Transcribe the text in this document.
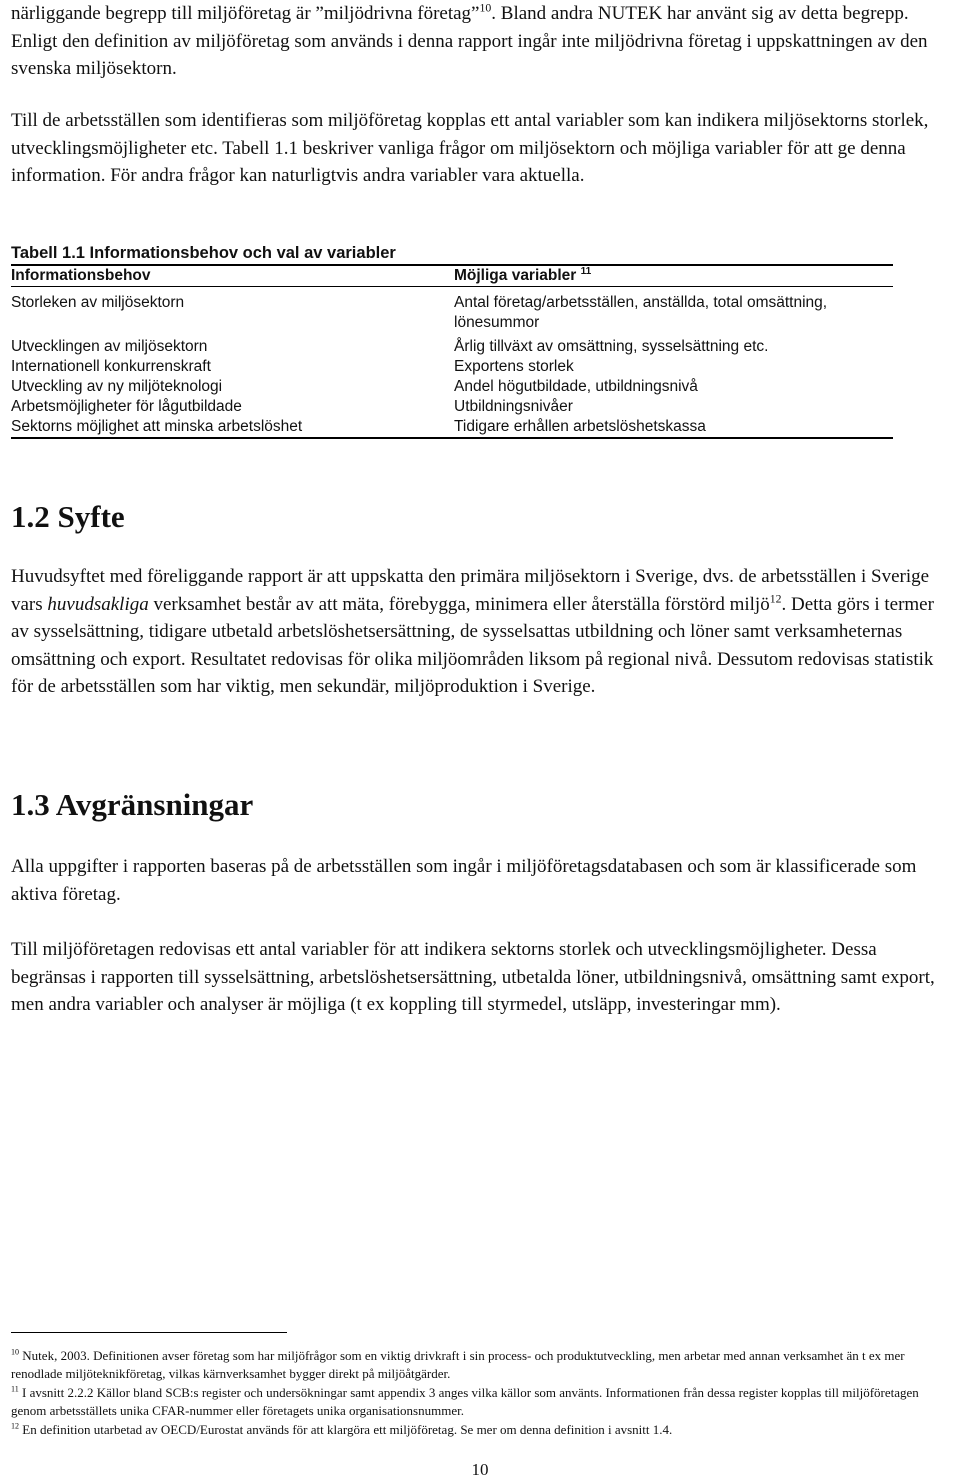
närliggande begrepp till miljöföretag är ”miljödrivna företag”$^{10}$. Bland andra NUTEK har använt sig av detta begrepp. Enligt den definition av miljöföretag som används i denna rapport ingår inte miljödrivna företag i uppskattningen av den svenska miljösektorn.

Till de arbetsställen som identifieras som miljöföretag kopplas ett antal variabler som kan indikera miljösektorns storlek, utvecklingsmöjligheter etc. Tabell 1.1 beskriver vanliga frågor om miljösektorn och möjliga variabler för att ge denna information. För andra frågor kan naturligtvis andra variabler vara aktuella.

Tabell 1.1 Informationsbehov och val av variabler

Informationsbehov	Möjliga variabler $^{11}$
Storleken av miljösektorn	Antal företag/arbetsställen, anställda, total omsättning, lönesummor
Utvecklingen av miljösektorn	Årlig tillväxt av omsättning, sysselsättning etc.
Internationell konkurrenskraft	Exportens storlek
Utveckling av ny miljöteknologi	Andel högutbildade, utbildningsnivå
Arbetsmöjligheter för lågutbildade	Utbildningsnivåer
Sektorns möjlighet att minska arbetslöshet	Tidigare erhållen arbetslöshetskassa
1.2 Syfte

Huvudsyftet med föreliggande rapport är att uppskatta den primära miljösektorn i Sverige, dvs. de arbetsställen i Sverige vars huvudsakliga verksamhet består av att mäta, förebygga, minimera eller återställa förstörd miljö$^{12}$. Detta görs i termer av sysselsättning, tidigare utbetald arbetslöshetsersättning, de sysselsattas utbildning och löner samt verksamheternas omsättning och export. Resultatet redovisas för olika miljöområden liksom på regional nivå. Dessutom redovisas statistik för de arbetsställen som har viktig, men sekundär, miljöproduktion i Sverige.

1.3 Avgränsningar

Alla uppgifter i rapporten baseras på de arbetsställen som ingår i miljöföretagsdatabasen och som är klassificerade som aktiva företag.

Till miljöföretagen redovisas ett antal variabler för att indikera sektorns storlek och utvecklingsmöjligheter. Dessa begränsas i rapporten till sysselsättning, arbetslöshetsersättning, utbetalda löner, utbildningsnivå, omsättning samt export, men andra variabler och analyser är möjliga (t ex koppling till styrmedel, utsläpp, investeringar mm).

$^{10}$ Nutek, 2003. Definitionen avser företag som har miljöfrågor som en viktig drivkraft i sin process- och produktutveckling, men arbetar med annan verksamhet än t ex mer renodlade miljöteknikföretag, vilkas kärnverksamhet bygger direkt på miljöåtgärder.

$^{11}$ I avsnitt 2.2.2 Källor bland SCB:s register och undersökningar samt appendix 3 anges vilka källor som använts. Informationen från dessa register kopplas till miljöföretagen genom arbetsställets unika CFAR-nummer eller företagets unika organisationsnummer.

$^{12}$ En definition utarbetad av OECD/Eurostat används för att klargöra ett miljöföretag. Se mer om denna definition i avsnitt 1.4.

10
